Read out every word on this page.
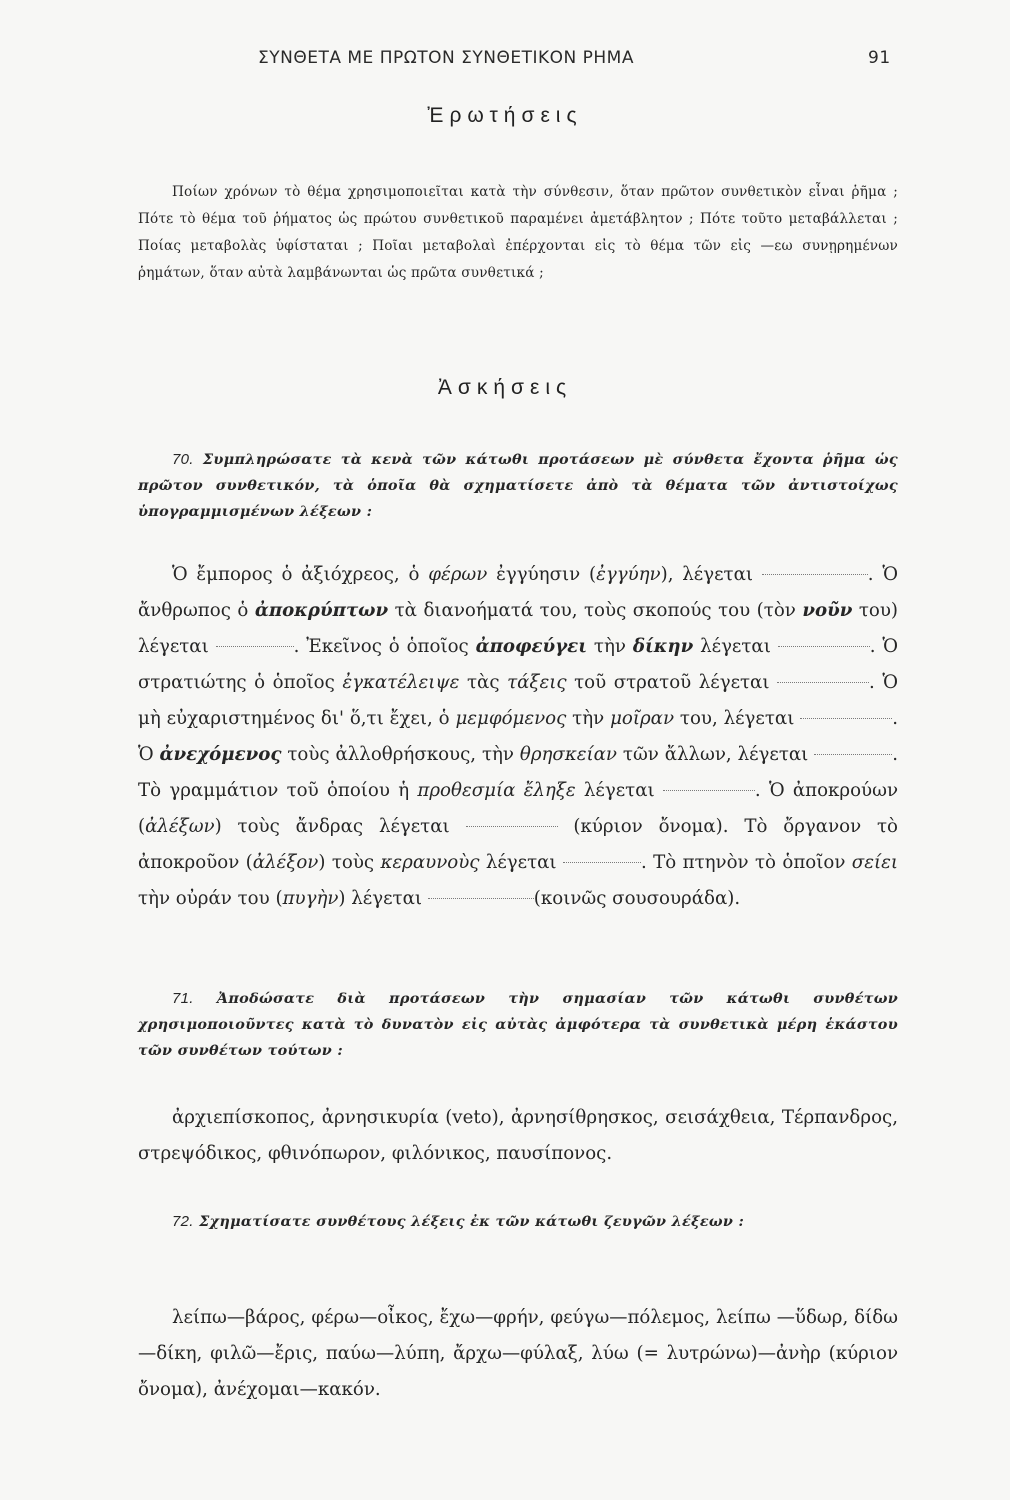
ΣΥΝΘΕΤΑ ΜΕ ΠΡΩΤΟΝ ΣΥΝΘΕΤΙΚΟΝ ΡΗΜΑ	91
Ἐρωτήσεις

Ποίων χρόνων τὸ θέμα χρησιμοποιεῖται κατὰ τὴν σύνθεσιν, ὅταν πρῶτον συνθετικὸν εἶναι ῥῆμα ; Πότε τὸ θέμα τοῦ ῥήματος ὡς πρώτου συνθετικοῦ παραμένει ἀμετάβλητον ; Πότε τοῦτο μεταβάλλεται ; Ποίας μεταβολὰς ὑφίσταται ; Ποῖαι μεταβολαὶ ἐπέρχονται εἰς τὸ θέμα τῶν εἰς —εω συνῃρημένων ῥημάτων, ὅταν αὐτὰ λαμβάνωνται ὡς πρῶτα συνθετικά ;

Ἀσκήσεις

70. Συμπληρώσατε τὰ κενὰ τῶν κάτωθι προτάσεων μὲ σύνθετα ἔχοντα ῥῆμα ὡς πρῶτον συνθετικόν, τὰ ὁποῖα θὰ σχηματίσετε ἀπὸ τὰ θέματα τῶν ἀντιστοίχως ὑπογραμμισμένων λέξεων :

Ὁ ἔμπορος ὁ ἀξιόχρεος, ὁ φέρων ἐγγύησιν (ἐγγύην), λέγεται	. Ὁ ἄνθρωπος ὁ ἀποκρύπτων τὰ διανοήματά του, τοὺς σκοπούς του (τὸν νοῦν του) λέγεται	. Ἐκεῖνος ὁ ὁποῖος ἀποφεύγει τὴν δίκην λέγεται	. Ὁ στρατιώτης ὁ ὁποῖος ἐγκατέλειψε τὰς τάξεις τοῦ στρατοῦ λέγεται	. Ὁ μὴ εὐχαριστημένος δι' ὅ,τι ἔχει, ὁ μεμφόμενος τὴν μοῖραν του, λέγεται	. Ὁ ἀνεχόμενος τοὺς ἀλλοθρήσκους, τὴν θρησκείαν τῶν ἄλλων, λέγεται	. Τὸ γραμμάτιον τοῦ ὁποίου ἡ προθεσμία ἔληξε λέγεται	. Ὁ ἀποκρούων (ἀλέξων) τοὺς ἄνδρας λέγεται	(κύριον ὄνομα). Τὸ ὄργανον τὸ ἀποκροῦον (ἀλέξον) τοὺς κεραυνοὺς λέγεται	. Τὸ πτηνὸν τὸ ὁποῖον σείει τὴν οὐράν του (πυγὴν) λέγεται	(κοινῶς σουσουράδα).

71. Ἀποδώσατε διὰ προτάσεων τὴν σημασίαν τῶν κάτωθι συνθέτων χρησιμοποιοῦντες κατὰ τὸ δυνατὸν εἰς αὐτὰς ἀμφότερα τὰ συνθετικὰ μέρη ἑκάστου τῶν συνθέτων τούτων :

ἀρχιεπίσκοπος, ἀρνησικυρία (veto), ἀρνησίθρησκος, σεισάχθεια, Τέρπανδρος, στρεψόδικος, φθινόπωρον, φιλόνικος, παυσίπονος.

72. Σχηματίσατε συνθέτους λέξεις ἐκ τῶν κάτωθι ζευγῶν λέξεων :

λείπω—βάρος, φέρω—οἶκος, ἔχω—φρήν, φεύγω—πόλεμος, λείπω —ὕδωρ, δίδω—δίκη, φιλῶ—ἔρις, παύω—λύπη, ἄρχω—φύλαξ, λύω (= λυτρώνω)—ἀνὴρ (κύριον ὄνομα), ἀνέχομαι—κακόν.
